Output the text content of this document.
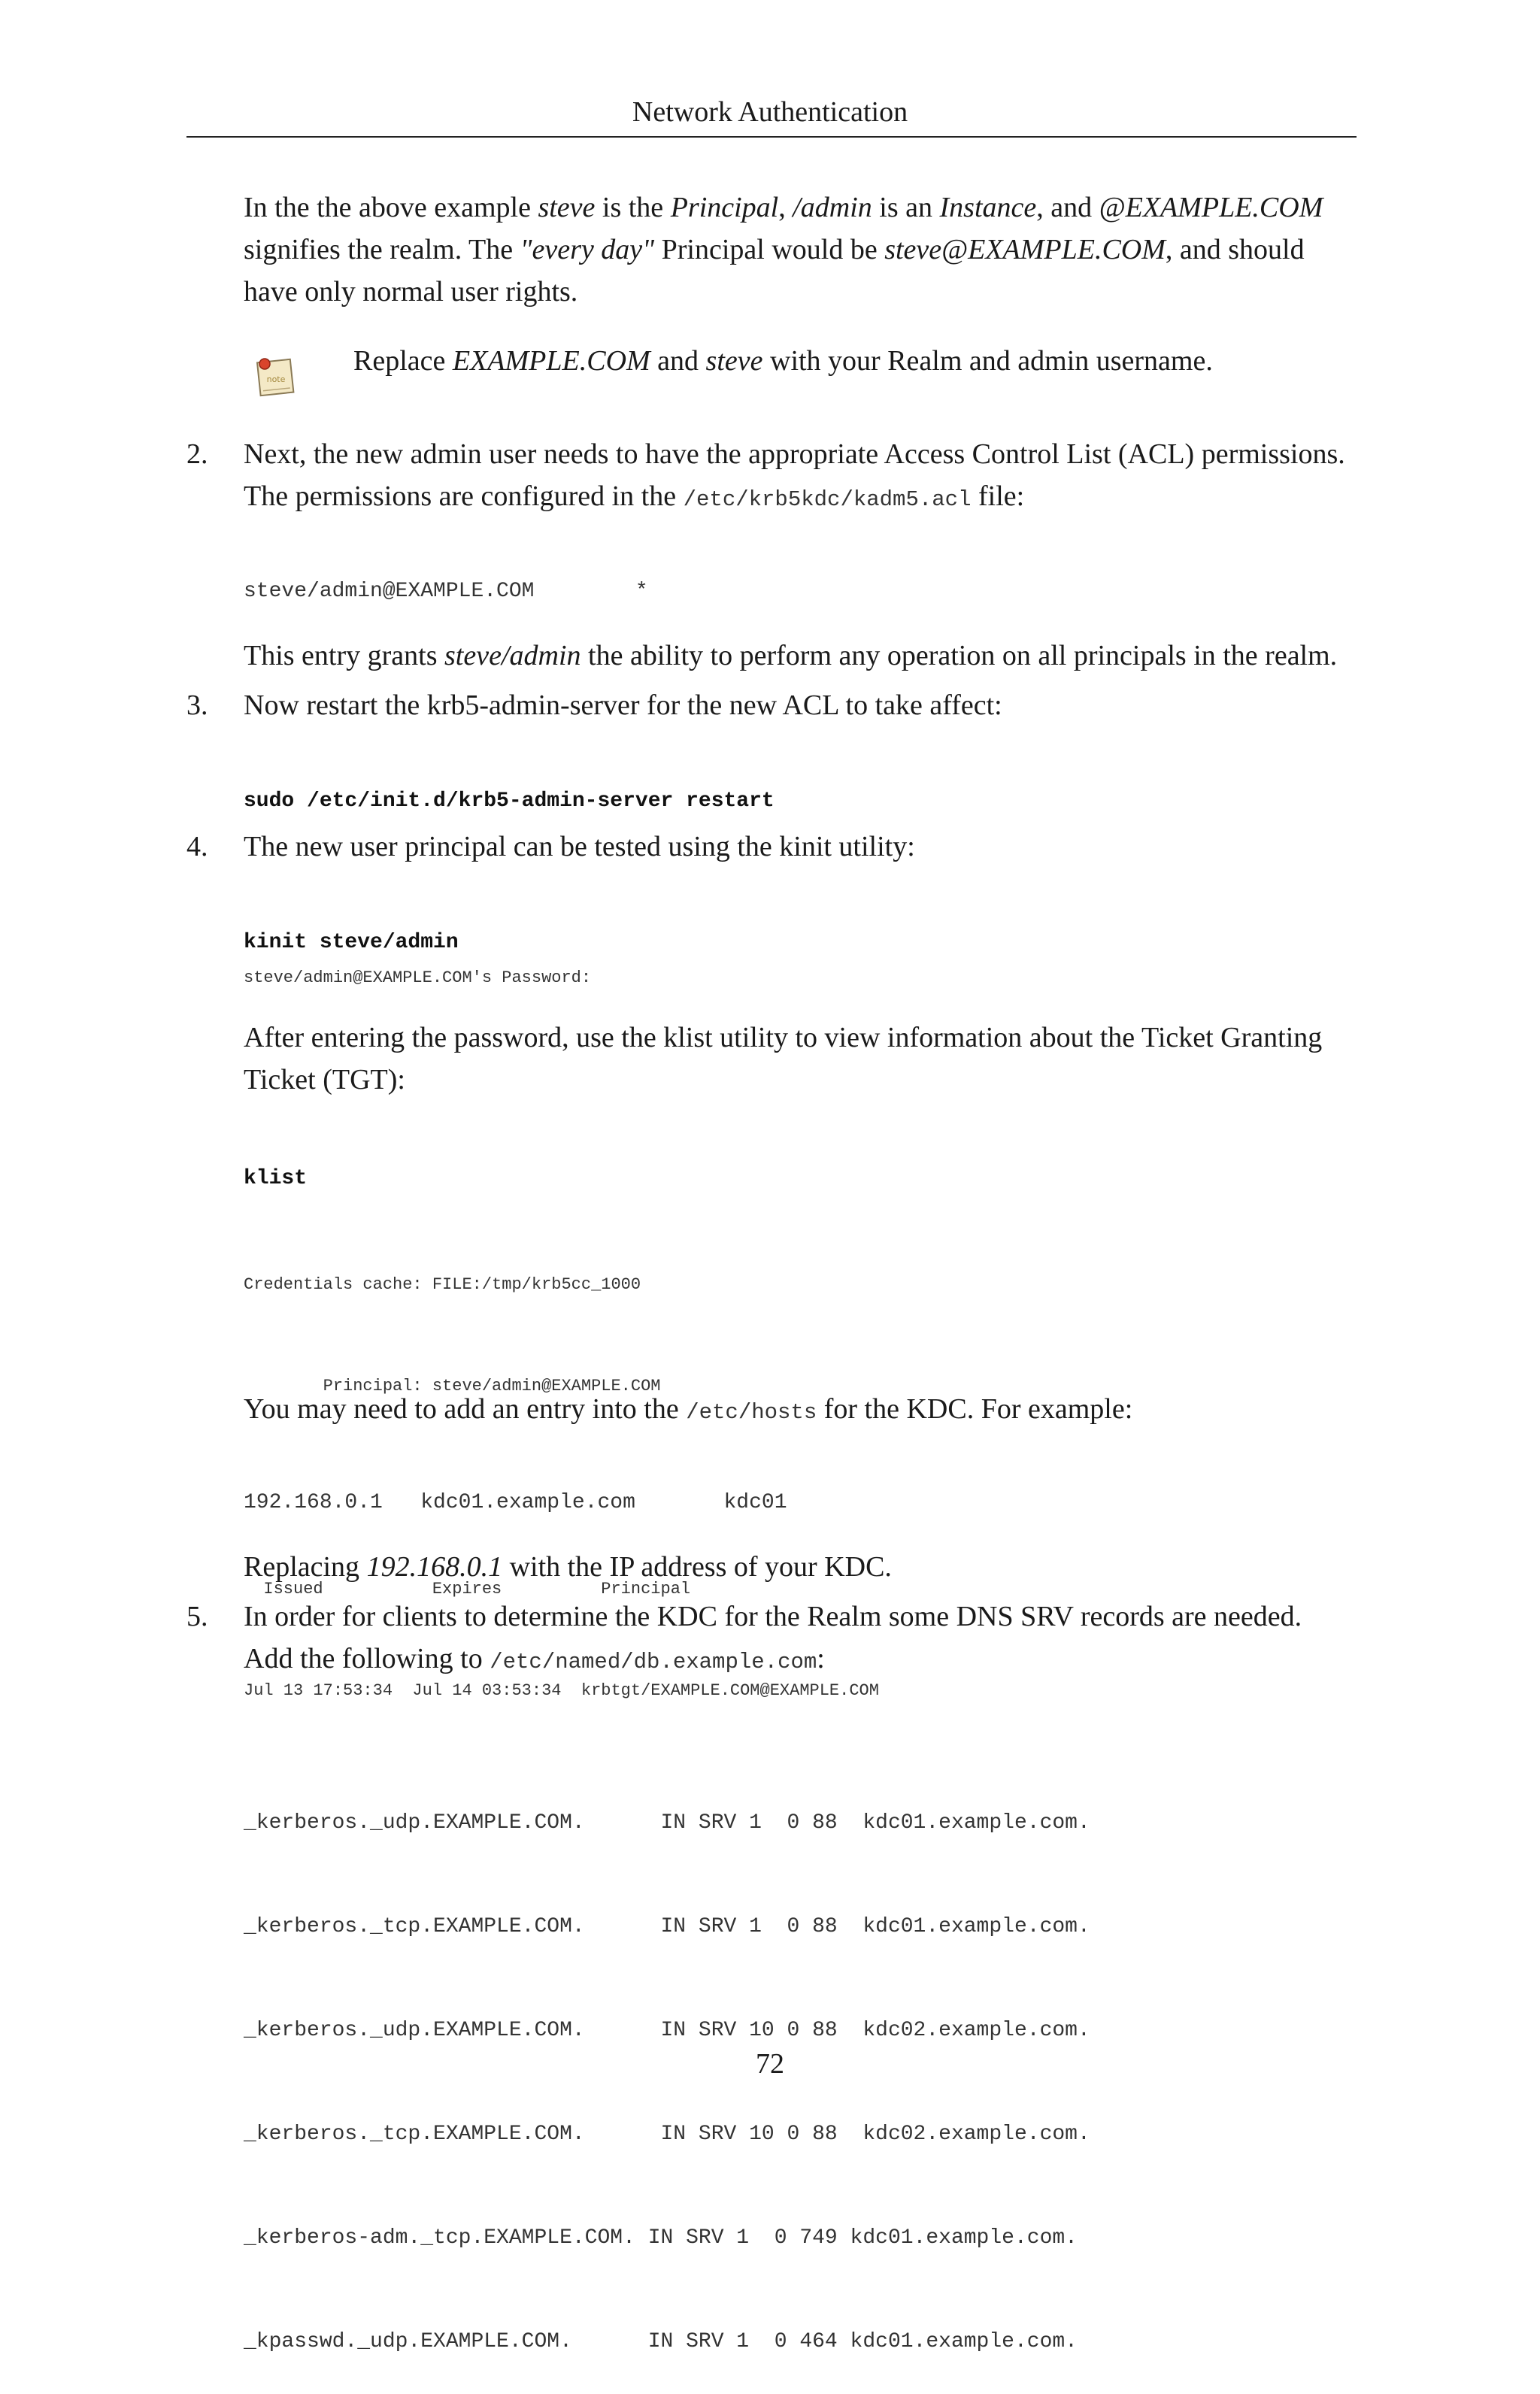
Network Authentication
In the the above example steve is the Principal, /admin is an Instance, and @EXAMPLE.COM
signifies the realm. The "every day" Principal would be steve@EXAMPLE.COM, and should
have only normal user rights.
note
Replace EXAMPLE.COM and steve with your Realm and admin username.
2. Next, the new admin user needs to have the appropriate Access Control List (ACL) permissions.
The permissions are configured in the /etc/krb5kdc/kadm5.acl file:
steve/admin@EXAMPLE.COM        *
This entry grants steve/admin the ability to perform any operation on all principals in the realm.
3. Now restart the krb5-admin-server for the new ACL to take affect:
sudo /etc/init.d/krb5-admin-server restart
4. The new user principal can be tested using the kinit utility:
kinit steve/admin
steve/admin@EXAMPLE.COM's Password:
After entering the password, use the klist utility to view information about the Ticket Granting
Ticket (TGT):
klist

Credentials cache: FILE:/tmp/krb5cc_1000

Principal: steve/admin@EXAMPLE.COM

Issued           Expires          Principal

Jul 13 17:53:34  Jul 14 03:53:34  krbtgt/EXAMPLE.COM@EXAMPLE.COM

You may need to add an entry into the /etc/hosts for the KDC. For example:
192.168.0.1   kdc01.example.com       kdc01
Replacing 192.168.0.1 with the IP address of your KDC.
5. In order for clients to determine the KDC for the Realm some DNS SRV records are needed.
Add the following to /etc/named/db.example.com:

_kerberos._udp.EXAMPLE.COM.      IN SRV 1  0 88  kdc01.example.com.

_kerberos._tcp.EXAMPLE.COM.      IN SRV 1  0 88  kdc01.example.com.

_kerberos._udp.EXAMPLE.COM.      IN SRV 10 0 88  kdc02.example.com.

_kerberos._tcp.EXAMPLE.COM.      IN SRV 10 0 88  kdc02.example.com.

_kerberos-adm._tcp.EXAMPLE.COM. IN SRV 1  0 749 kdc01.example.com.

_kpasswd._udp.EXAMPLE.COM.      IN SRV 1  0 464 kdc01.example.com.

72
